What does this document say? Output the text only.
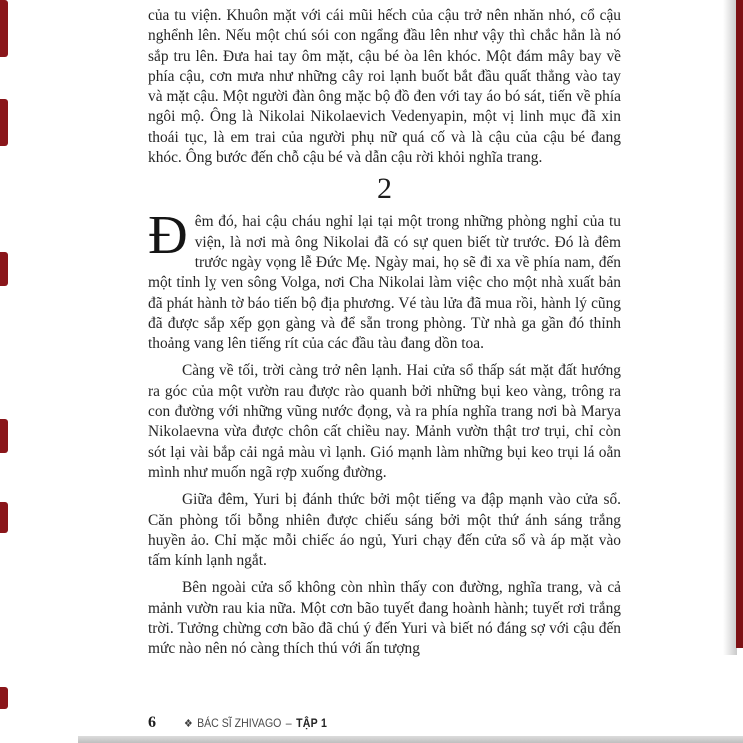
của tu viện. Khuôn mặt với cái mũi hếch của cậu trở nên nhăn nhó, cổ cậu nghểnh lên. Nếu một chú sói con ngẩng đầu lên như vậy thì chắc hẳn là nó sắp tru lên. Đưa hai tay ôm mặt, cậu bé òa lên khóc. Một đám mây bay về phía cậu, cơn mưa như những cây roi lạnh buốt bắt đầu quất thẳng vào tay và mặt cậu. Một người đàn ông mặc bộ đồ đen với tay áo bó sát, tiến về phía ngôi mộ. Ông là Nikolai Nikolaevich Vedenyapin, một vị linh mục đã xin thoái tục, là em trai của người phụ nữ quá cố và là cậu của cậu bé đang khóc. Ông bước đến chỗ cậu bé và dẫn cậu rời khỏi nghĩa trang.

2

Đêm đó, hai cậu cháu nghỉ lại tại một trong những phòng nghỉ của tu viện, là nơi mà ông Nikolai đã có sự quen biết từ trước. Đó là đêm trước ngày vọng lễ Đức Mẹ. Ngày mai, họ sẽ đi xa về phía nam, đến một tỉnh lỵ ven sông Volga, nơi Cha Nikolai làm việc cho một nhà xuất bản đã phát hành tờ báo tiến bộ địa phương. Vé tàu lửa đã mua rồi, hành lý cũng đã được sắp xếp gọn gàng và để sẵn trong phòng. Từ nhà ga gần đó thỉnh thoảng vang lên tiếng rít của các đầu tàu đang dồn toa.

Càng về tối, trời càng trở nên lạnh. Hai cửa sổ thấp sát mặt đất hướng ra góc của một vườn rau được rào quanh bởi những bụi keo vàng, trông ra con đường với những vũng nước đọng, và ra phía nghĩa trang nơi bà Marya Nikolaevna vừa được chôn cất chiều nay. Mảnh vườn thật trơ trụi, chỉ còn sót lại vài bắp cải ngả màu vì lạnh. Gió mạnh làm những bụi keo trụi lá oằn mình như muốn ngã rợp xuống đường.

Giữa đêm, Yuri bị đánh thức bởi một tiếng va đập mạnh vào cửa sổ. Căn phòng tối bỗng nhiên được chiếu sáng bởi một thứ ánh sáng trắng huyền ảo. Chỉ mặc mỗi chiếc áo ngủ, Yuri chạy đến cửa sổ và áp mặt vào tấm kính lạnh ngắt.

Bên ngoài cửa sổ không còn nhìn thấy con đường, nghĩa trang, và cả mảnh vườn rau kia nữa. Một cơn bão tuyết đang hoành hành; tuyết rơi trắng trời. Tưởng chừng cơn bão đã chú ý đến Yuri và biết nó đáng sợ với cậu đến mức nào nên nó càng thích thú với ấn tượng

6	❖ BÁC SĨ ZHIVAGO – TẬP 1
